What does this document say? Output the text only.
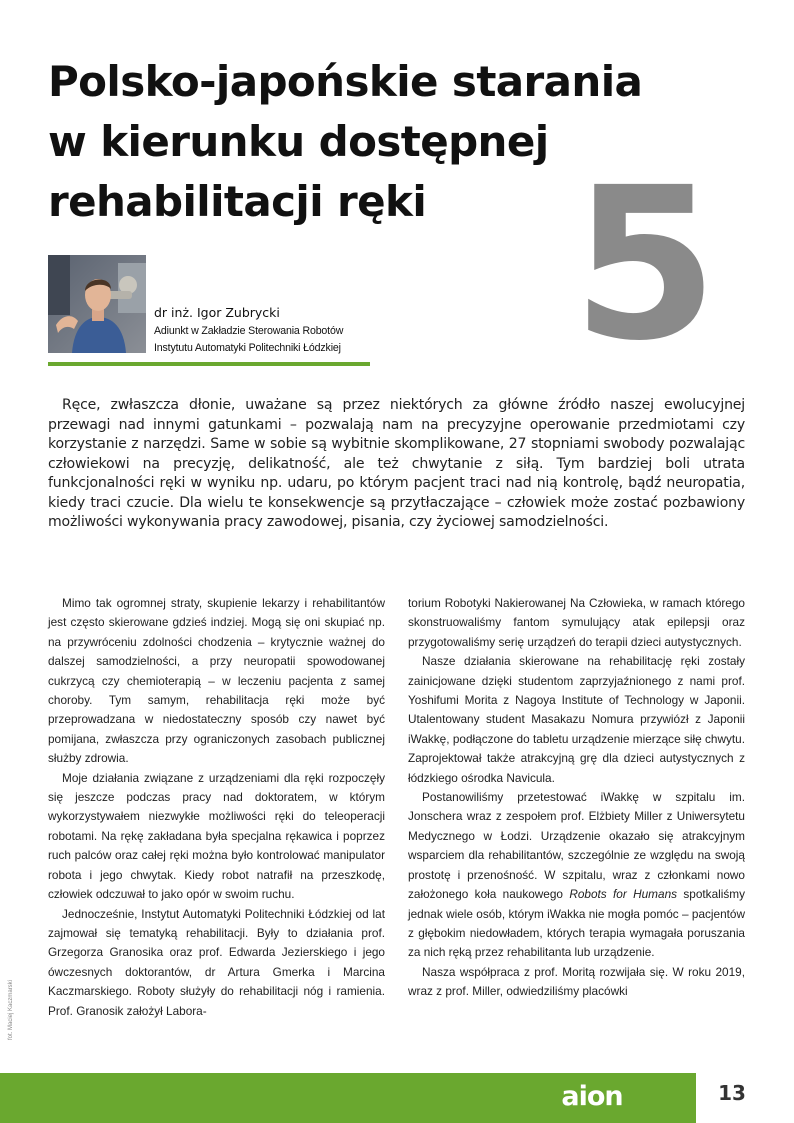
Polsko-japońskie starania
w kierunku dostępnej
rehabilitacji ręki 5

dr inż. Igor Zubrycki

Adiunkt w Zakładzie Sterowania Robotów
Instytutu Automatyki Politechniki Łódzkiej

Ręce, zwłaszcza dłonie, uważane są przez niektórych za główne źródło naszej ewolucyjnej przewagi nad innymi gatunkami – pozwalają nam na precyzyjne operowanie przedmiotami czy korzystanie z narzędzi. Same w sobie są wybitnie skomplikowane, 27 stopniami swobody pozwalając człowiekowi na precyzję, delikatność, ale też chwytanie z siłą. Tym bardziej boli utrata funkcjonalności ręki w wyniku np. udaru, po którym pacjent traci nad nią kontrolę, bądź neuropatia, kiedy traci czucie. Dla wielu te konsekwencje są przytłaczające – człowiek może zostać pozbawiony możliwości wykonywania pracy zawodowej, pisania, czy życiowej samodzielności.

Mimo tak ogromnej straty, skupienie lekarzy i rehabilitantów jest często skierowane gdzieś indziej. Mogą się oni skupiać np. na przywróceniu zdolności chodzenia – krytycznie ważnej do dalszej samodzielności, a przy neuropatii spowodowanej cukrzycą czy chemioterapią – w leczeniu pacjenta z samej choroby. Tym samym, rehabilitacja ręki może być przeprowadzana w niedostateczny sposób czy nawet być pomijana, zwłaszcza przy ograniczonych zasobach publicznej służby zdrowia.

Moje działania związane z urządzeniami dla ręki rozpoczęły się jeszcze podczas pracy nad doktoratem, w którym wykorzystywałem niezwykłe możliwości ręki do teleoperacji robotami. Na rękę zakładana była specjalna rękawica i poprzez ruch palców oraz całej ręki można było kontrolować manipulator robota i jego chwytak. Kiedy robot natrafił na przeszkodę, człowiek odczuwał to jako opór w swoim ruchu.

Jednocześnie, Instytut Automatyki Politechniki Łódzkiej od lat zajmował się tematyką rehabilitacji. Były to działania prof. Grzegorza Granosika oraz prof. Edwarda Jezierskiego i jego ówczesnych doktorantów, dr Artura Gmerka i Marcina Kaczmarskiego. Roboty służyły do rehabilitacji nóg i ramienia. Prof. Granosik założył Labora-

torium Robotyki Nakierowanej Na Człowieka, w ramach którego skonstruowaliśmy fantom symulujący atak epilepsji oraz przygotowaliśmy serię urządzeń do terapii dzieci autystycznych.

Nasze działania skierowane na rehabilitację ręki zostały zainicjowane dzięki studentom zaprzyjaźnionego z nami prof. Yoshifumi Morita z Nagoya Institute of Technology w Japonii. Utalentowany student Masakazu Nomura przywiózł z Japonii iWakkę, podłączone do tabletu urządzenie mierzące siłę chwytu. Zaprojektował także atrakcyjną grę dla dzieci autystycznych z łódzkiego ośrodka Navicula.

Postanowiliśmy przetestować iWakkę w szpitalu im. Jonschera wraz z zespołem prof. Elżbiety Miller z Uniwersytetu Medycznego w Łodzi. Urządzenie okazało się atrakcyjnym wsparciem dla rehabilitantów, szczególnie ze względu na swoją prostotę i przenośność. W szpitalu, wraz z członkami nowo założonego koła naukowego Robots for Humans spotkaliśmy jednak wiele osób, którym iWakka nie mogła pomóc – pacjentów z głębokim niedowładem, których terapia wymagała poruszania za nich ręką przez rehabilitanta lub urządzenie.

Nasza współpraca z prof. Moritą rozwijała się. W roku 2019, wraz z prof. Miller, odwiedziliśmy placówki

fot. Maciej Kaczmarski
aion	13
